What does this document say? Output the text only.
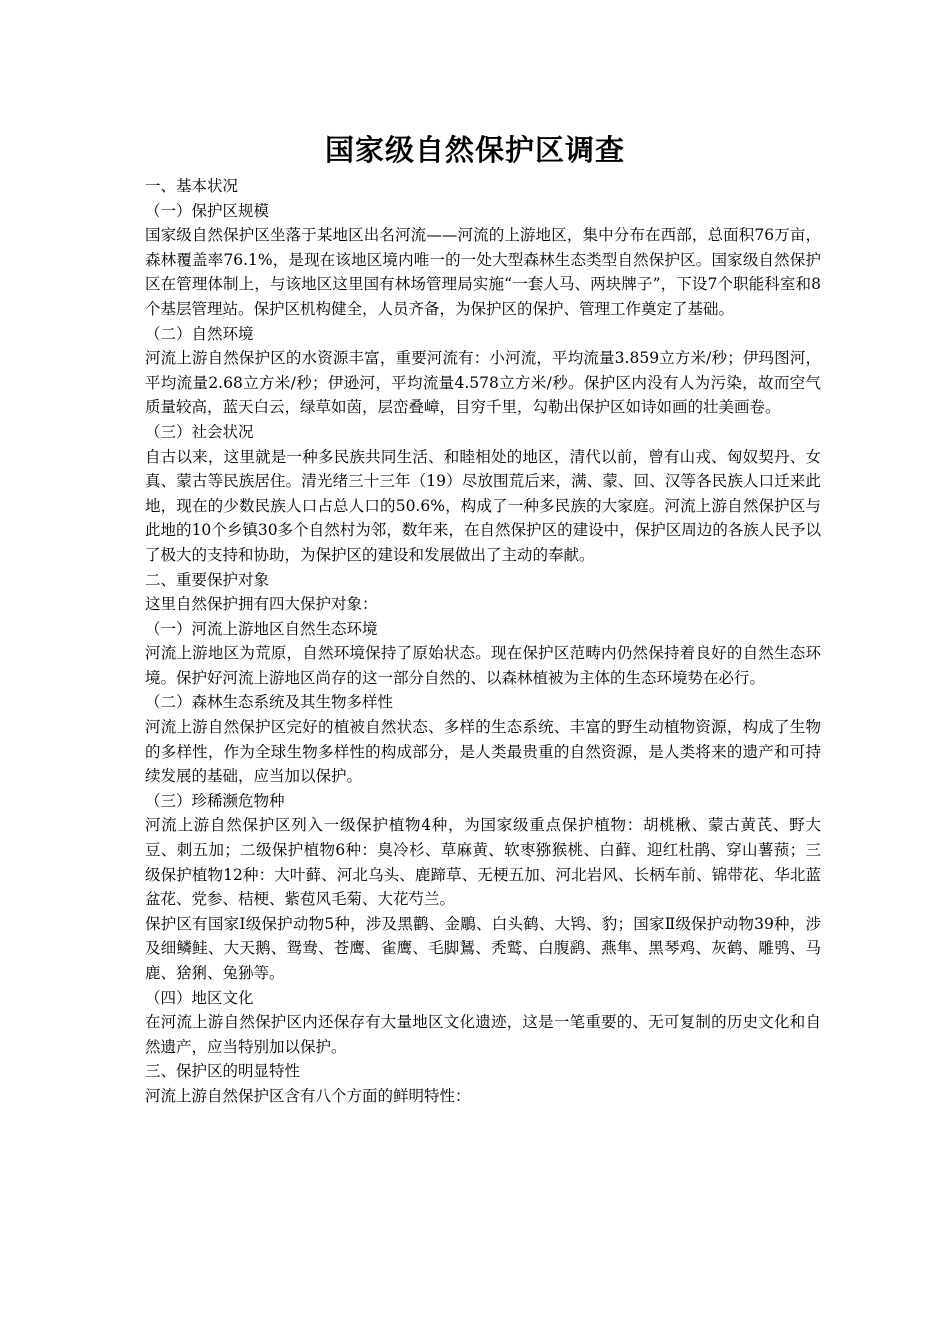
国家级自然保护区调查

一、基本状况

（一）保护区规模

国家级自然保护区坐落于某地区出名河流——河流的上游地区，集中分布在西部，总面积76万亩，森林覆盖率76.1%，是现在该地区境内唯一的一处大型森林生态类型自然保护区。国家级自然保护区在管理体制上，与该地区这里国有林场管理局实施“一套人马、两块牌子”，下设7个职能科室和8个基层管理站。保护区机构健全，人员齐备，为保护区的保护、管理工作奠定了基础。

（二）自然环境

河流上游自然保护区的水资源丰富，重要河流有：小河流，平均流量3.859立方米/秒；伊玛图河，平均流量2.68立方米/秒；伊逊河，平均流量4.578立方米/秒。保护区内没有人为污染，故而空气质量较高，蓝天白云，绿草如茵，层峦叠嶂，目穷千里，勾勒出保护区如诗如画的壮美画卷。

（三）社会状况

自古以来，这里就是一种多民族共同生活、和睦相处的地区，清代以前，曾有山戎、匈奴契丹、女真、蒙古等民族居住。清光绪三十三年（19）尽放围荒后来，满、蒙、回、汉等各民族人口迁来此地，现在的少数民族人口占总人口的50.6%，构成了一种多民族的大家庭。河流上游自然保护区与此地的10个乡镇30多个自然村为邻，数年来，在自然保护区的建设中，保护区周边的各族人民予以了极大的支持和协助，为保护区的建设和发展做出了主动的奉献。

二、重要保护对象

这里自然保护拥有四大保护对象：

（一）河流上游地区自然生态环境

河流上游地区为荒原，自然环境保持了原始状态。现在保护区范畴内仍然保持着良好的自然生态环境。保护好河流上游地区尚存的这一部分自然的、以森林植被为主体的生态环境势在必行。

（二）森林生态系统及其生物多样性

河流上游自然保护区完好的植被自然状态、多样的生态系统、丰富的野生动植物资源，构成了生物的多样性，作为全球生物多样性的构成部分，是人类最贵重的自然资源，是人类将来的遗产和可持续发展的基础，应当加以保护。

（三）珍稀濒危物种

河流上游自然保护区列入一级保护植物4种，为国家级重点保护植物：胡桃楸、蒙古黄芪、野大豆、刺五加；二级保护植物6种：臭冷杉、草麻黄、软枣猕猴桃、白藓、迎红杜鹃、穿山薯蓣；三级保护植物12种：大叶藓、河北乌头、鹿蹄草、无梗五加、河北岩风、长柄车前、锦带花、华北蓝盆花、党参、桔梗、紫苞风毛菊、大花芍兰。

保护区有国家Ⅰ级保护动物5种，涉及黑鹳、金鵰、白头鹤、大鸨、豹；国家Ⅱ级保护动物39种，涉及细鳞鲑、大天鹅、鸳鸯、苍鹰、雀鹰、毛脚鵟、秃鹫、白腹鹞、燕隼、黑琴鸡、灰鹤、雕鸮、马鹿、猞猁、兔狲等。

（四）地区文化

在河流上游自然保护区内还保存有大量地区文化遗迹，这是一笔重要的、无可复制的历史文化和自然遗产，应当特别加以保护。

三、保护区的明显特性

河流上游自然保护区含有八个方面的鲜明特性：
